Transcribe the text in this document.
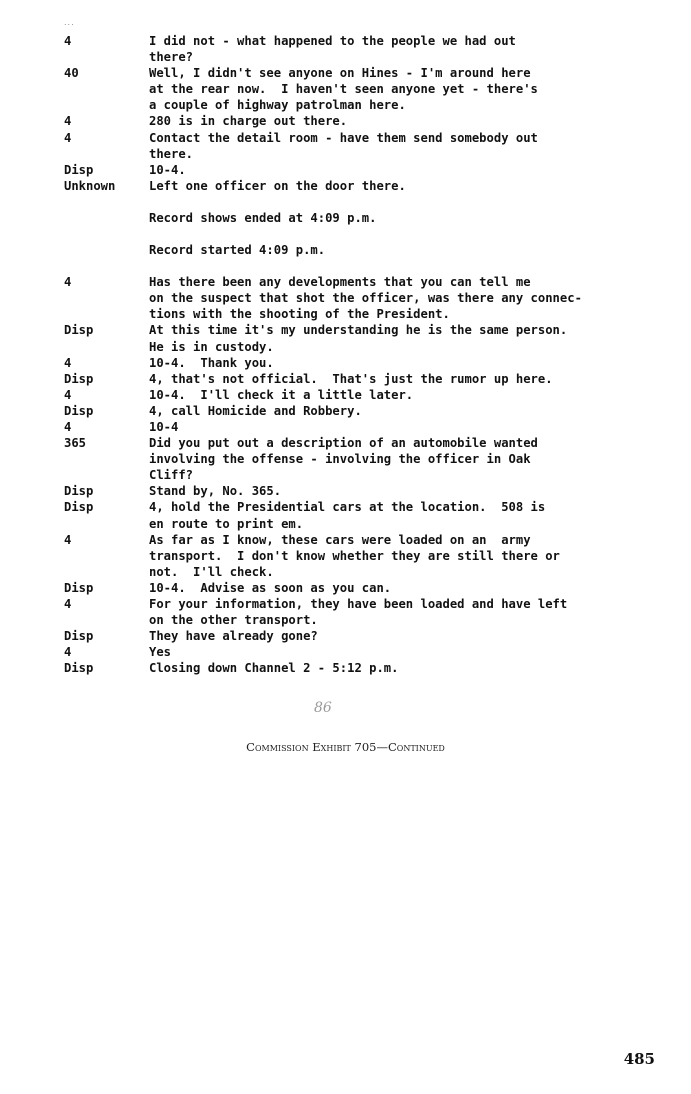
...
4	I did not - what happened to the people we had out
there?
40	Well, I didn't see anyone on Hines - I'm around here
at the rear now.  I haven't seen anyone yet - there's
a couple of highway patrolman here.
4	280 is in charge out there.
4	Contact the detail room - have them send somebody out
there.
Disp	10-4.
Unknown	Left one officer on the door there.
Record shows ended at 4:09 p.m.
Record started 4:09 p.m.
4	Has there been any developments that you can tell me
on the suspect that shot the officer, was there any connec-
tions with the shooting of the President.
Disp	At this time it's my understanding he is the same person.
He is in custody.
4	10-4.  Thank you.
Disp	4, that's not official.  That's just the rumor up here.
4	10-4.  I'll check it a little later.
Disp	4, call Homicide and Robbery.
4	10-4
365	Did you put out a description of an automobile wanted
involving the offense - involving the officer in Oak
Cliff?
Disp	Stand by, No. 365.
Disp	4, hold the Presidential cars at the location.  508 is
en route to print em.
4	As far as I know, these cars were loaded on an  army
transport.  I don't know whether they are still there or
not.  I'll check.
Disp	10-4.  Advise as soon as you can.
4	For your information, they have been loaded and have left
on the other transport.
Disp	They have already gone?
4	Yes
Disp	Closing down Channel 2 - 5:12 p.m.
86
Commission Exhibit 705—Continued
485
